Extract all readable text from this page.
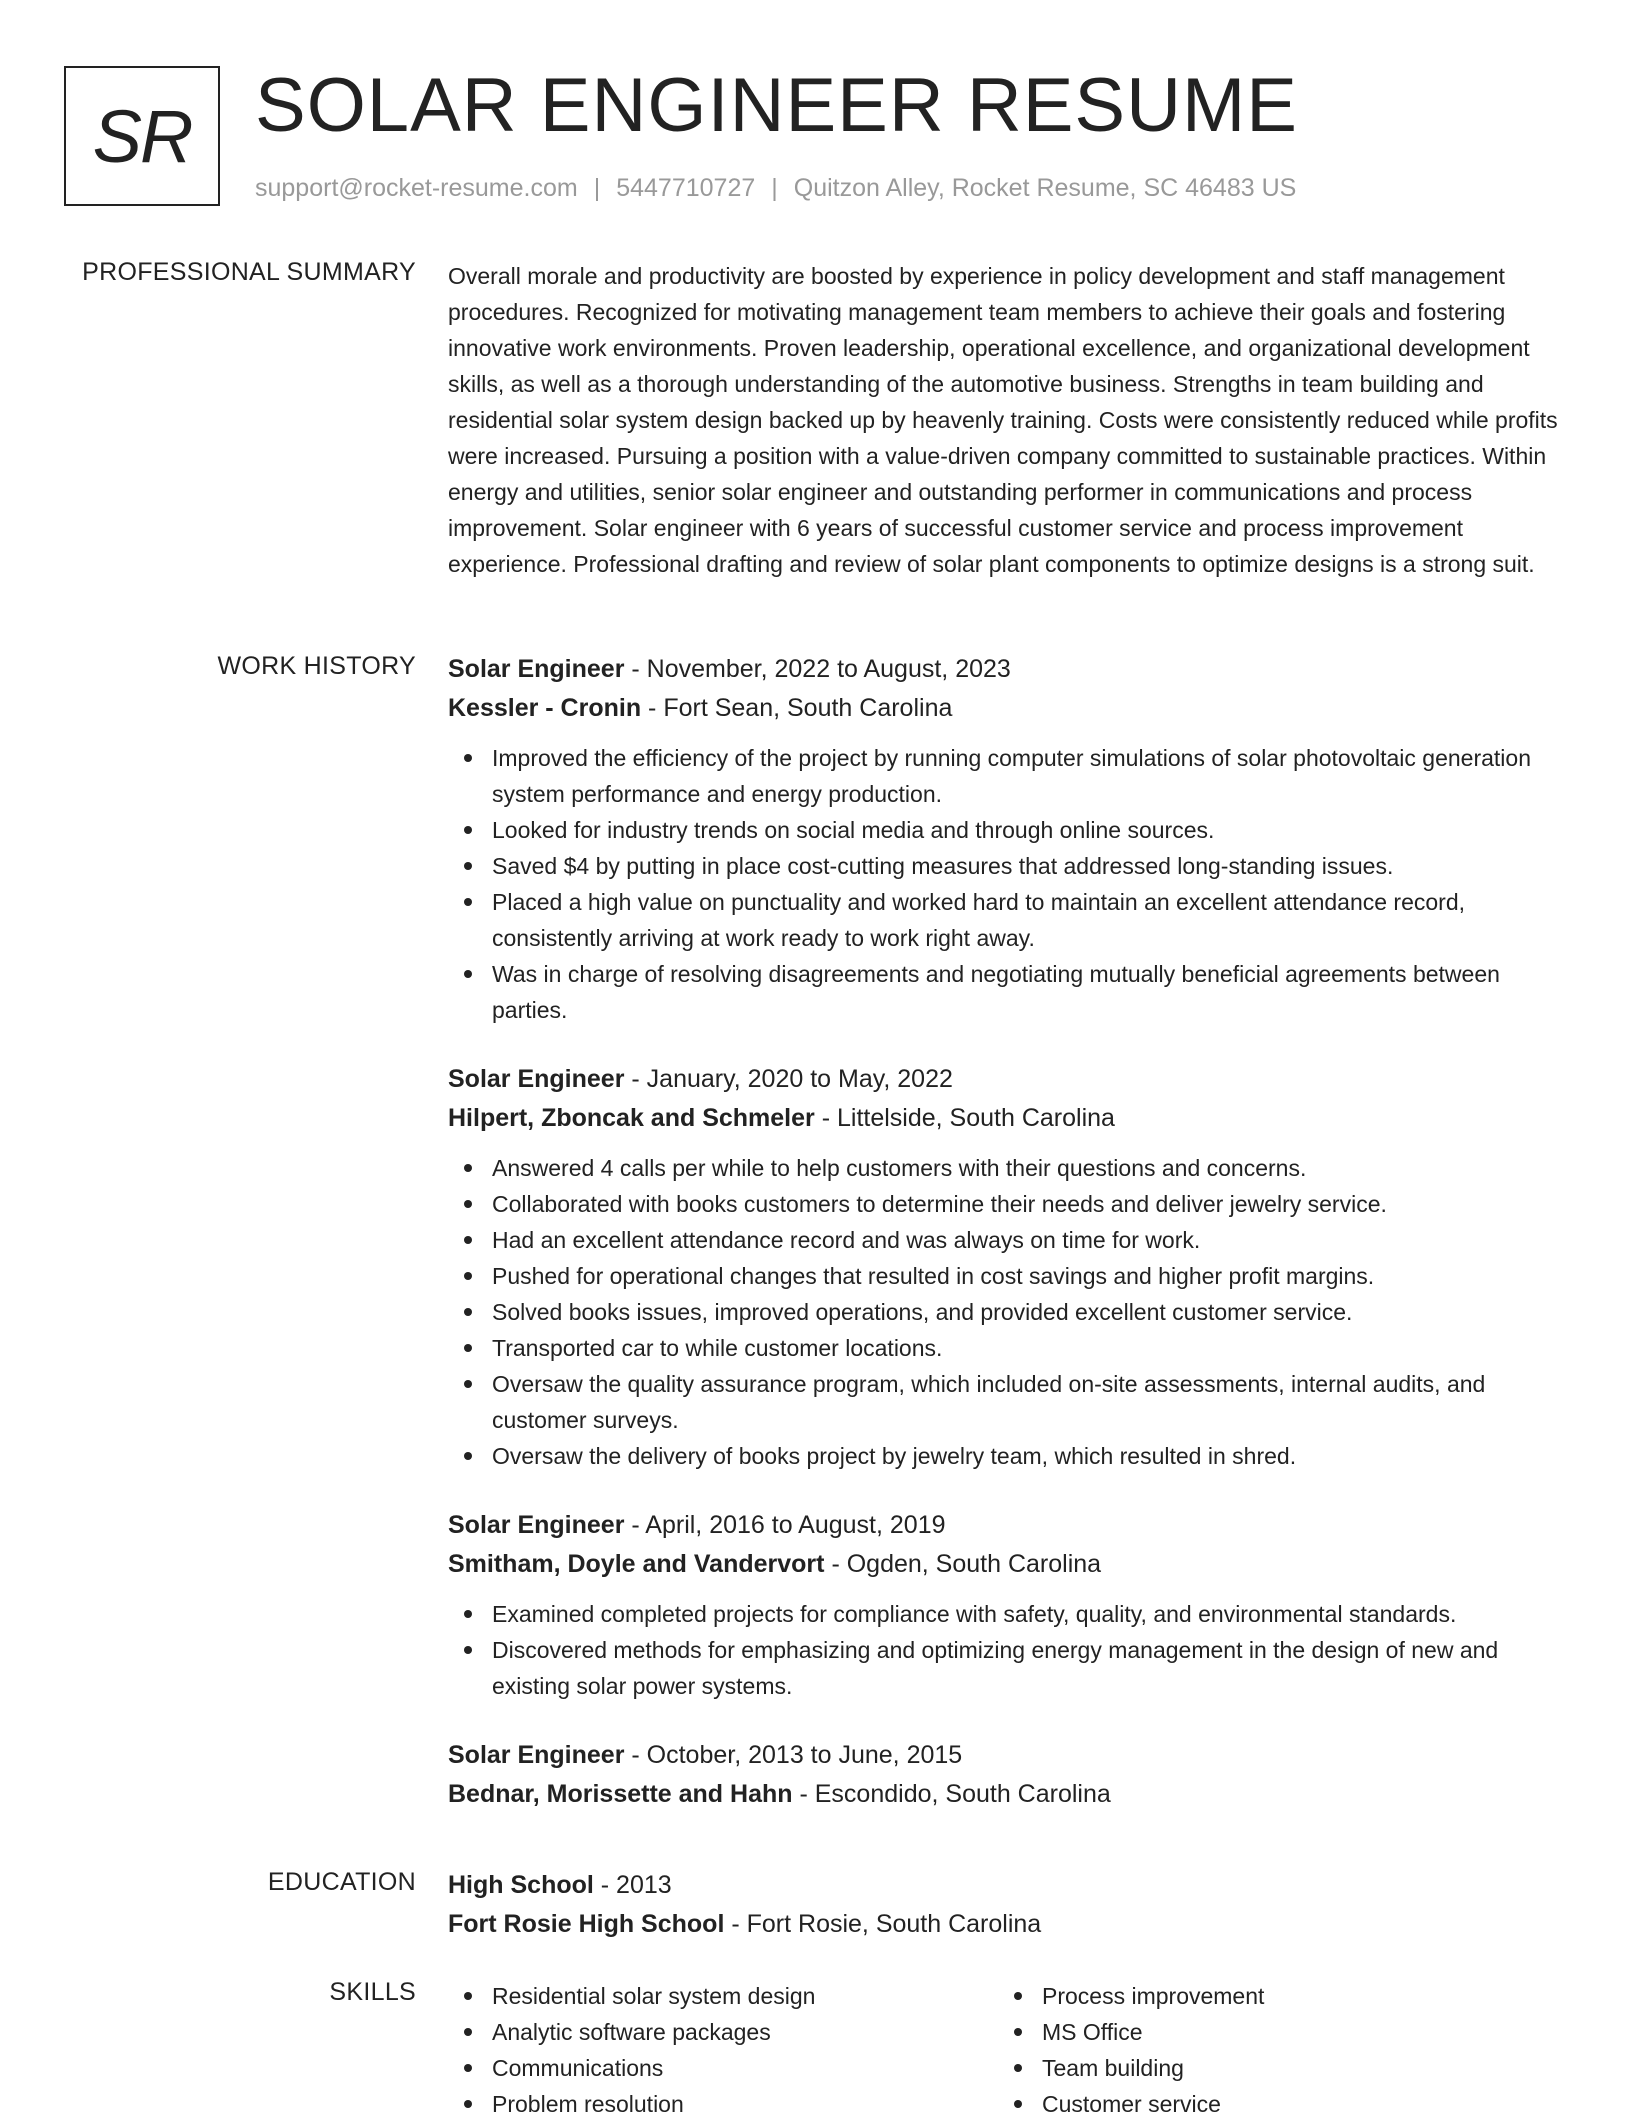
SR SOLAR ENGINEER RESUME
support@rocket-resume.com | 5447710727 | Quitzon Alley, Rocket Resume, SC 46483 US
PROFESSIONAL SUMMARY Overall morale and productivity are boosted by experience in policy development and staff management procedures. Recognized for motivating management team members to achieve their goals and fostering innovative work environments. Proven leadership, operational excellence, and organizational development skills, as well as a thorough understanding of the automotive business. Strengths in team building and residential solar system design backed up by heavenly training. Costs were consistently reduced while profits were increased. Pursuing a position with a value-driven company committed to sustainable practices. Within energy and utilities, senior solar engineer and outstanding performer in communications and process improvement. Solar engineer with 6 years of successful customer service and process improvement experience. Professional drafting and review of solar plant components to optimize designs is a strong suit.

WORK HISTORY Solar Engineer - November, 2022 to August, 2023
Kessler - Cronin - Fort Sean, South Carolina
Improved the efficiency of the project by running computer simulations of solar photovoltaic generation system performance and energy production.
Looked for industry trends on social media and through online sources.
Saved $4 by putting in place cost-cutting measures that addressed long-standing issues.
Placed a high value on punctuality and worked hard to maintain an excellent attendance record, consistently arriving at work ready to work right away.
Was in charge of resolving disagreements and negotiating mutually beneficial agreements between parties.
Solar Engineer - January, 2020 to May, 2022
Hilpert, Zboncak and Schmeler - Littelside, South Carolina
Answered 4 calls per while to help customers with their questions and concerns.
Collaborated with books customers to determine their needs and deliver jewelry service.
Had an excellent attendance record and was always on time for work.
Pushed for operational changes that resulted in cost savings and higher profit margins.
Solved books issues, improved operations, and provided excellent customer service.
Transported car to while customer locations.
Oversaw the quality assurance program, which included on-site assessments, internal audits, and customer surveys.
Oversaw the delivery of books project by jewelry team, which resulted in shred.
Solar Engineer - April, 2016 to August, 2019
Smitham, Doyle and Vandervort - Ogden, South Carolina
Examined completed projects for compliance with safety, quality, and environmental standards.
Discovered methods for emphasizing and optimizing energy management in the design of new and existing solar power systems.
Solar Engineer - October, 2013 to June, 2015
Bednar, Morissette and Hahn - Escondido, South Carolina
EDUCATION High School - 2013
Fort Rosie High School - Fort Rosie, South Carolina
SKILLS	Residential solar system design
Analytic software packages
Communications
Problem resolution
Process improvement
MS Office
Team building
Customer service
